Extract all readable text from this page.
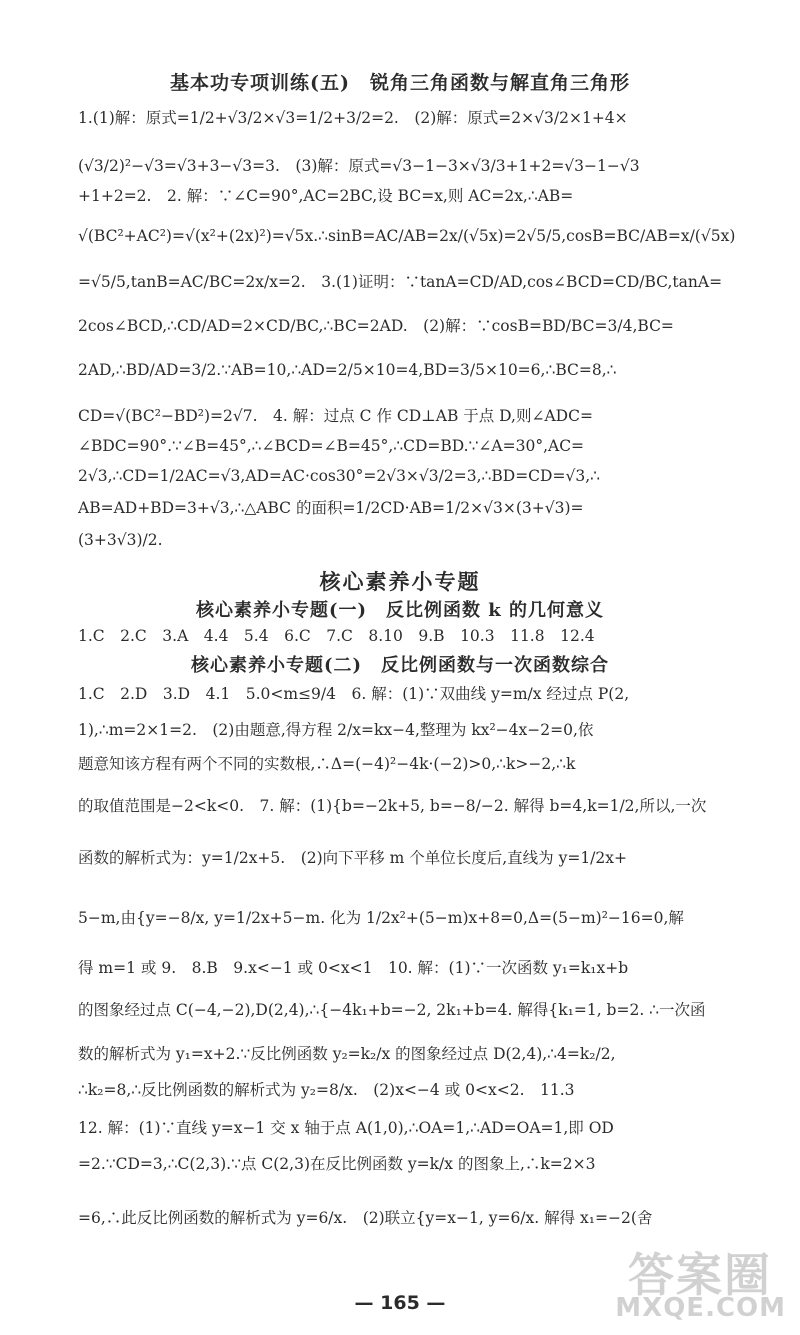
基本功专项训练(五)　锐角三角函数与解直角三角形
1.(1)解：原式=1/2+√3/2×√3=1/2+3/2=2.　(2)解：原式=2×√3/2×1+4×
(√3/2)²−√3=√3+3−√3=3.　(3)解：原式=√3−1−3×√3/3+1+2=√3−1−√3
+1+2=2.　2. 解：∵∠C=90°,AC=2BC,设 BC=x,则 AC=2x,∴AB=
√(BC²+AC²)=√(x²+(2x)²)=√5x.∴sinB=AC/AB=2x/(√5x)=2√5/5,cosB=BC/AB=x/(√5x)
=√5/5,tanB=AC/BC=2x/x=2.　3.(1)证明：∵tanA=CD/AD,cos∠BCD=CD/BC,tanA=
2cos∠BCD,∴CD/AD=2×CD/BC,∴BC=2AD.　(2)解：∵cosB=BD/BC=3/4,BC=
2AD,∴BD/AD=3/2.∵AB=10,∴AD=2/5×10=4,BD=3/5×10=6,∴BC=8,∴
CD=√(BC²−BD²)=2√7.　4. 解：过点 C 作 CD⊥AB 于点 D,则∠ADC=
∠BDC=90°.∵∠B=45°,∴∠BCD=∠B=45°,∴CD=BD.∵∠A=30°,AC=
2√3,∴CD=1/2AC=√3,AD=AC·cos30°=2√3×√3/2=3,∴BD=CD=√3,∴
AB=AD+BD=3+√3,∴△ABC 的面积=1/2CD·AB=1/2×√3×(3+√3)=
(3+3√3)/2.
核心素养小专题
核心素养小专题(一)　反比例函数 k 的几何意义
1.C　2.C　3.A　4.4　5.4　6.C　7.C　8.10　9.B　10.3　11.8　12.4
核心素养小专题(二)　反比例函数与一次函数综合
1.C　2.D　3.D　4.1　5.0<m≤9/4　6. 解：(1)∵双曲线 y=m/x 经过点 P(2,
1),∴m=2×1=2.　(2)由题意,得方程 2/x=kx−4,整理为 kx²−4x−2=0,依
题意知该方程有两个不同的实数根,∴Δ=(−4)²−4k·(−2)>0,∴k>−2,∴k
的取值范围是−2<k<0.　7. 解：(1){b=−2k+5, b=−8/−2. 解得 b=4,k=1/2,所以,一次
函数的解析式为：y=1/2x+5.　(2)向下平移 m 个单位长度后,直线为 y=1/2x+
5−m,由{y=−8/x, y=1/2x+5−m. 化为 1/2x²+(5−m)x+8=0,Δ=(5−m)²−16=0,解
得 m=1 或 9.　8.B　9.x<−1 或 0<x<1　10. 解：(1)∵一次函数 y₁=k₁x+b
的图象经过点 C(−4,−2),D(2,4),∴{−4k₁+b=−2, 2k₁+b=4. 解得{k₁=1, b=2. ∴一次函
数的解析式为 y₁=x+2.∵反比例函数 y₂=k₂/x 的图象经过点 D(2,4),∴4=k₂/2,
∴k₂=8,∴反比例函数的解析式为 y₂=8/x.　(2)x<−4 或 0<x<2.　11.3
12. 解：(1)∵直线 y=x−1 交 x 轴于点 A(1,0),∴OA=1,∴AD=OA=1,即 OD
=2.∵CD=3,∴C(2,3).∵点 C(2,3)在反比例函数 y=k/x 的图象上,∴k=2×3
=6,∴此反比例函数的解析式为 y=6/x.　(2)联立{y=x−1, y=6/x. 解得 x₁=−2(舍
— 165 —
答案圈
MXQE.COM
